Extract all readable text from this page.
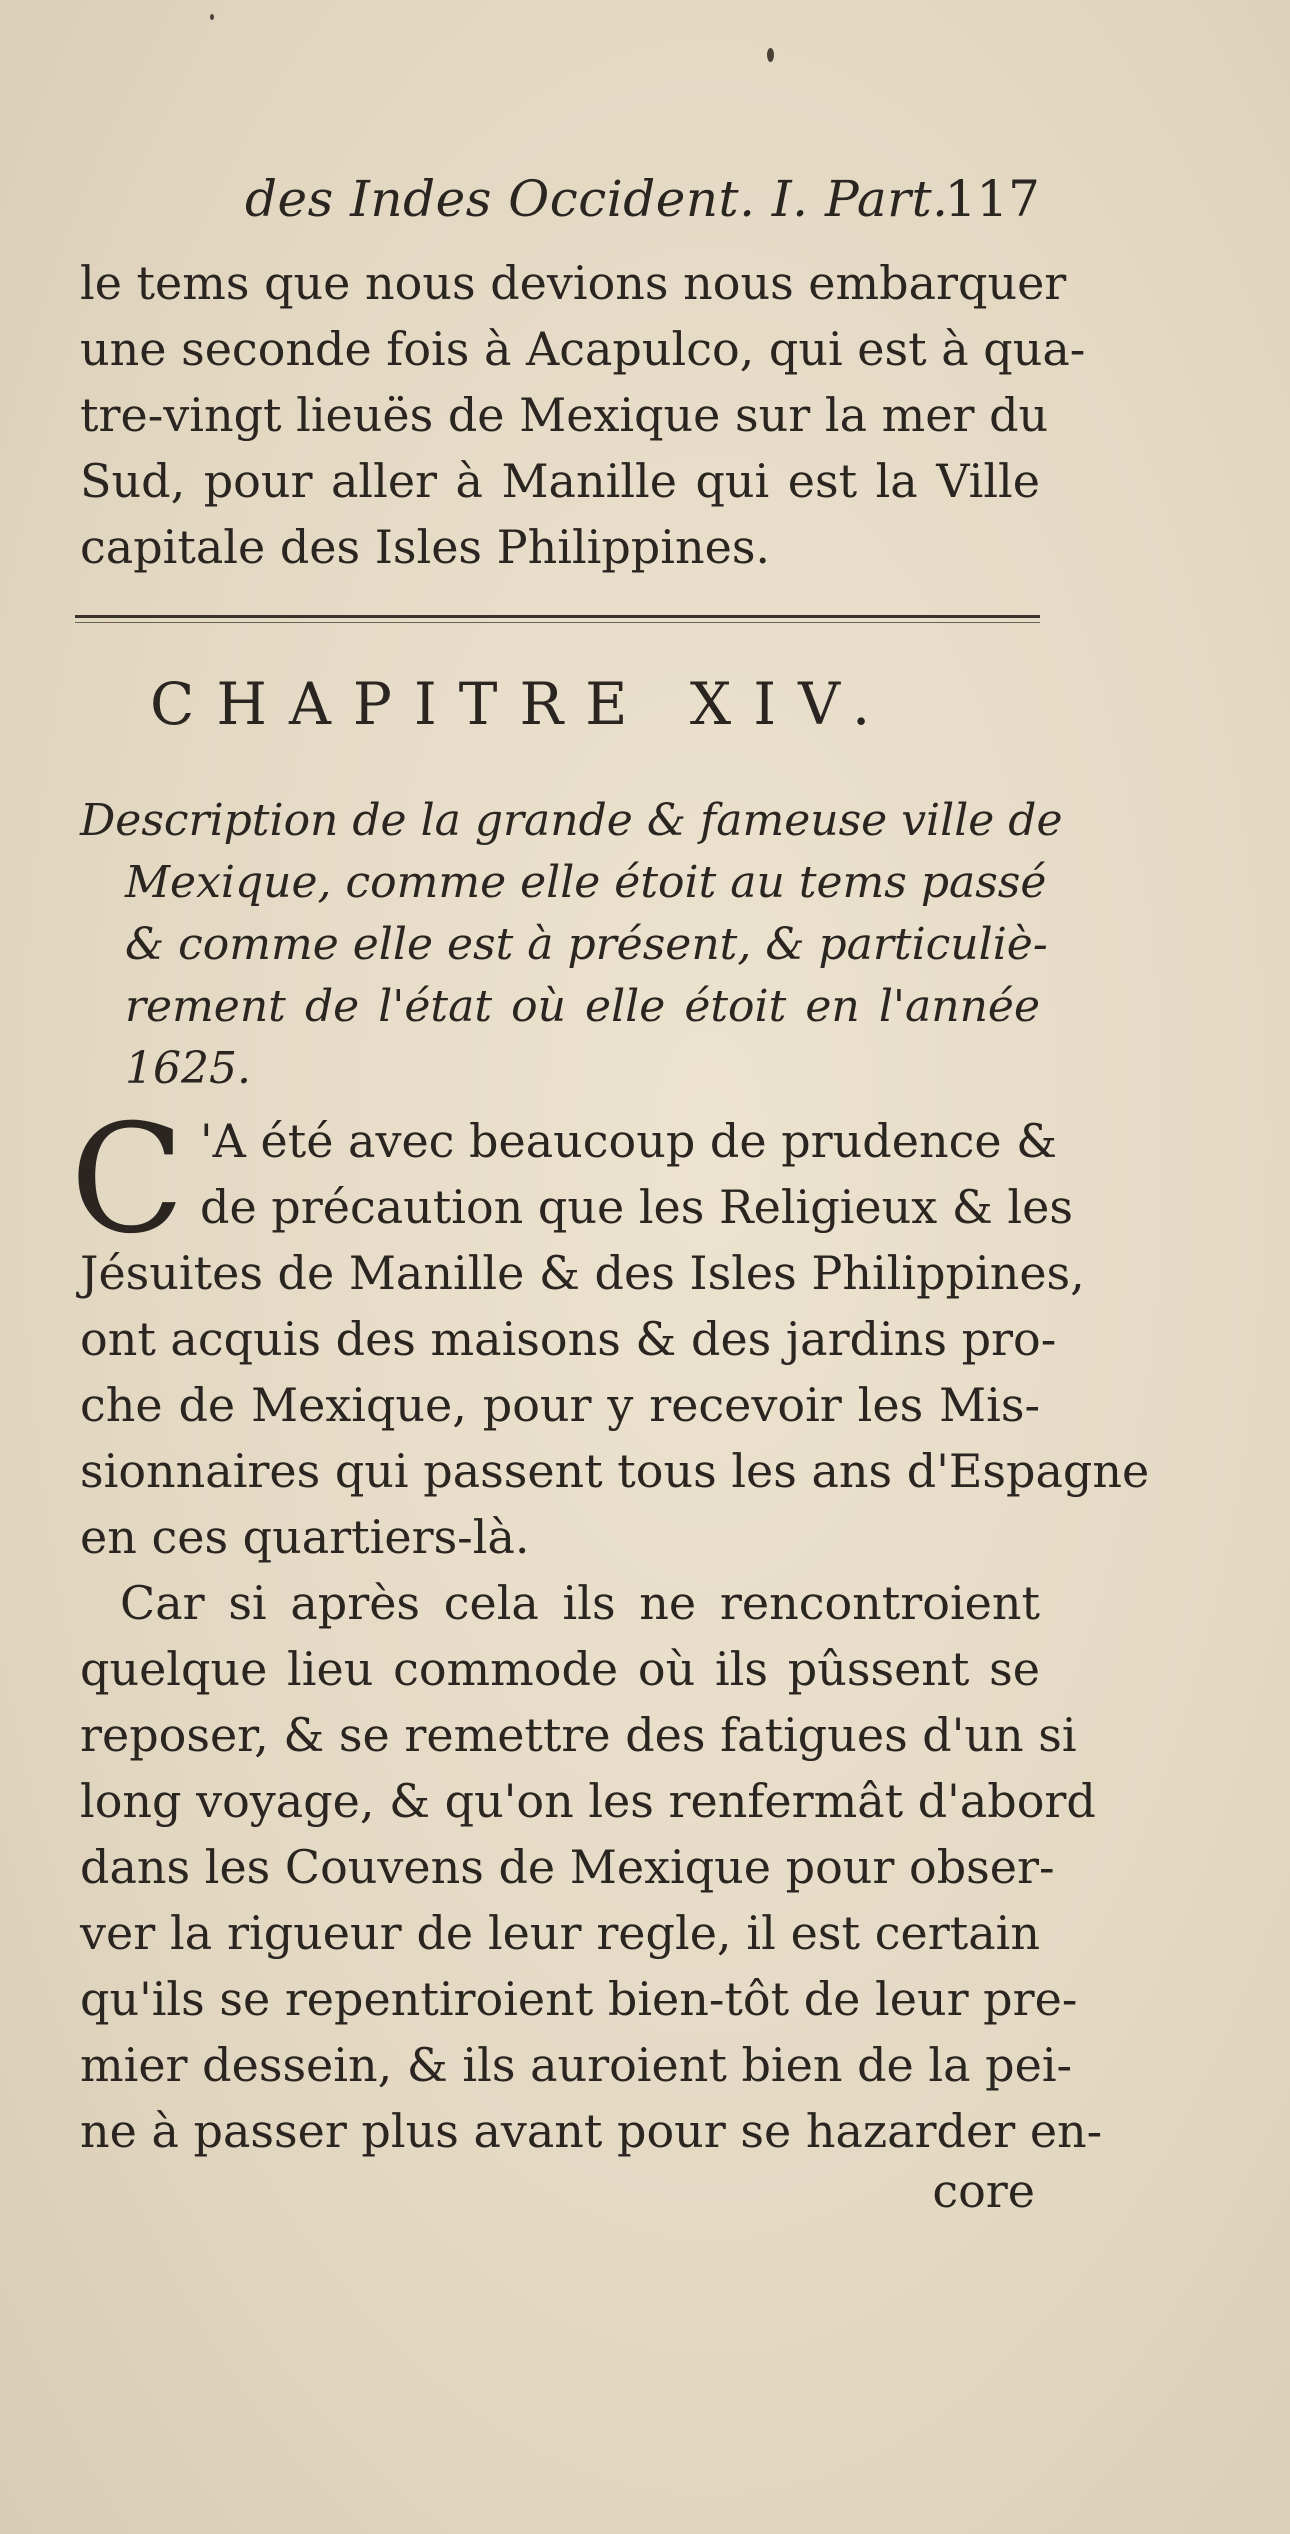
des Indes Occident. I. Part.
117
le tems que nous devions nous embarquer
une seconde fois à Acapulco, qui est à qua-
tre-vingt lieuës de Mexique sur la mer du
Sud, pour aller à Manille qui est la Ville
capitale des Isles Philippines.
CHAPITRE XIV.
Description de la grande & fameuse ville de
Mexique, comme elle étoit au tems passé
& comme elle est à présent, & particuliè-
rement de l'état où elle étoit en l'année
1625.
C 'A été avec beaucoup de prudence &
de précaution que les Religieux & les
Jésuites de Manille & des Isles Philippines,
ont acquis des maisons & des jardins pro-
che de Mexique, pour y recevoir les Mis-
sionnaires qui passent tous les ans d'Espagne
en ces quartiers-là.
Car si après cela ils ne rencontroient
quelque lieu commode où ils pûssent se
reposer, & se remettre des fatigues d'un si
long voyage, & qu'on les renfermât d'abord
dans les Couvens de Mexique pour obser-
ver la rigueur de leur regle, il est certain
qu'ils se repentiroient bien-tôt de leur pre-
mier dessein, & ils auroient bien de la pei-
ne à passer plus avant pour se hazarder en-
core
